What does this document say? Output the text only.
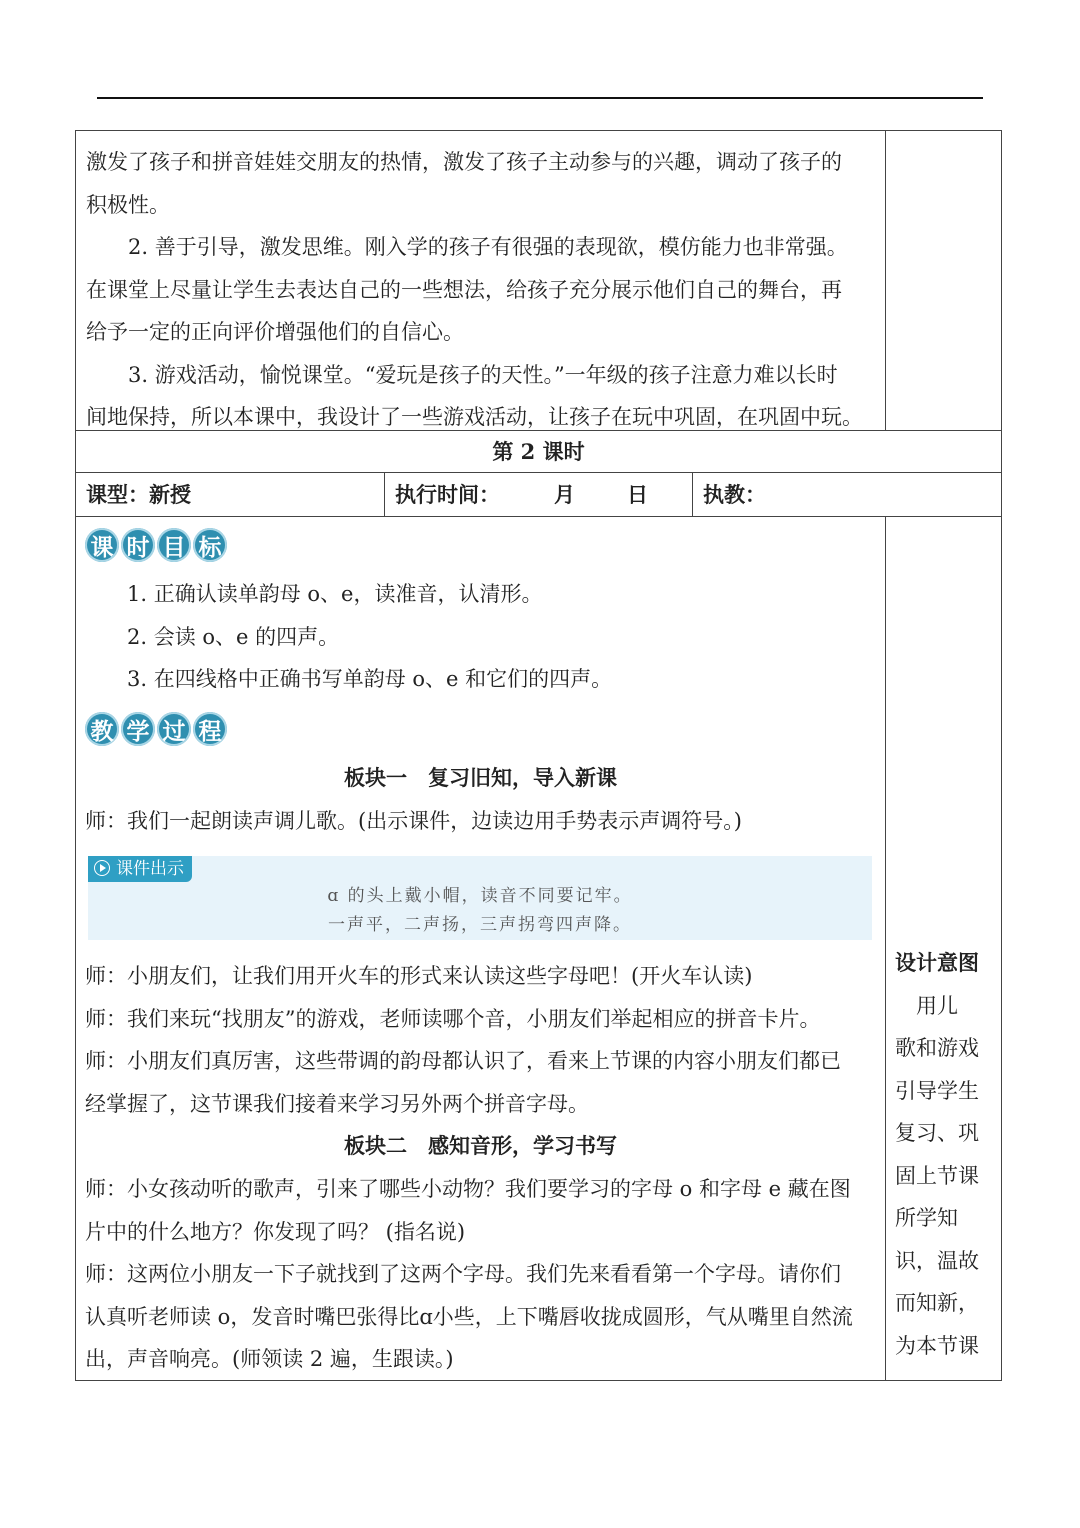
激发了孩子和拼音娃娃交朋友的热情，激发了孩子主动参与的兴趣，调动了孩子的

积极性。

2. 善于引导，激发思维。刚入学的孩子有很强的表现欲，模仿能力也非常强。

在课堂上尽量让学生去表达自己的一些想法，给孩子充分展示他们自己的舞台，再

给予一定的正向评价增强他们的自信心。

3. 游戏活动，愉悦课堂。“爱玩是孩子的天性。”一年级的孩子注意力难以长时

间地保持，所以本课中，我设计了一些游戏活动，让孩子在玩中巩固，在巩固中玩。

第 2 课时

课型：新授	执行时间：	月 日	执教：

课 时 目 标

1. 正确认读单韵母 o、e，读准音，认清形。

2. 会读 o、e 的四声。

3. 在四线格中正确书写单韵母 o、e 和它们的四声。

教 学 过 程

板块一　复习旧知，导入新课

师：我们一起朗读声调儿歌。(出示课件，边读边用手势表示声调符号。)

课件出示
ɑ 的头上戴小帽，读音不同要记牢。
一声平，二声扬，三声拐弯四声降。

师：小朋友们，让我们用开火车的形式来认读这些字母吧！(开火车认读)

师：我们来玩“找朋友”的游戏，老师读哪个音，小朋友们举起相应的拼音卡片。

师：小朋友们真厉害，这些带调的韵母都认识了，看来上节课的内容小朋友们都已

经掌握了，这节课我们接着来学习另外两个拼音字母。

板块二　感知音形，学习书写

师：小女孩动听的歌声，引来了哪些小动物？我们要学习的字母 o 和字母 e 藏在图

片中的什么地方？你发现了吗？ (指名说)

师：这两位小朋友一下子就找到了这两个字母。我们先来看看第一个字母。请你们

认真听老师读 o，发音时嘴巴张得比ɑ小些，上下嘴唇收拢成圆形，气从嘴里自然流

出，声音响亮。(师领读 2 遍，生跟读。)

设计意图

　用儿

歌和游戏

引导学生

复习、巩

固上节课

所学知

识，温故

而知新，

为本节课
